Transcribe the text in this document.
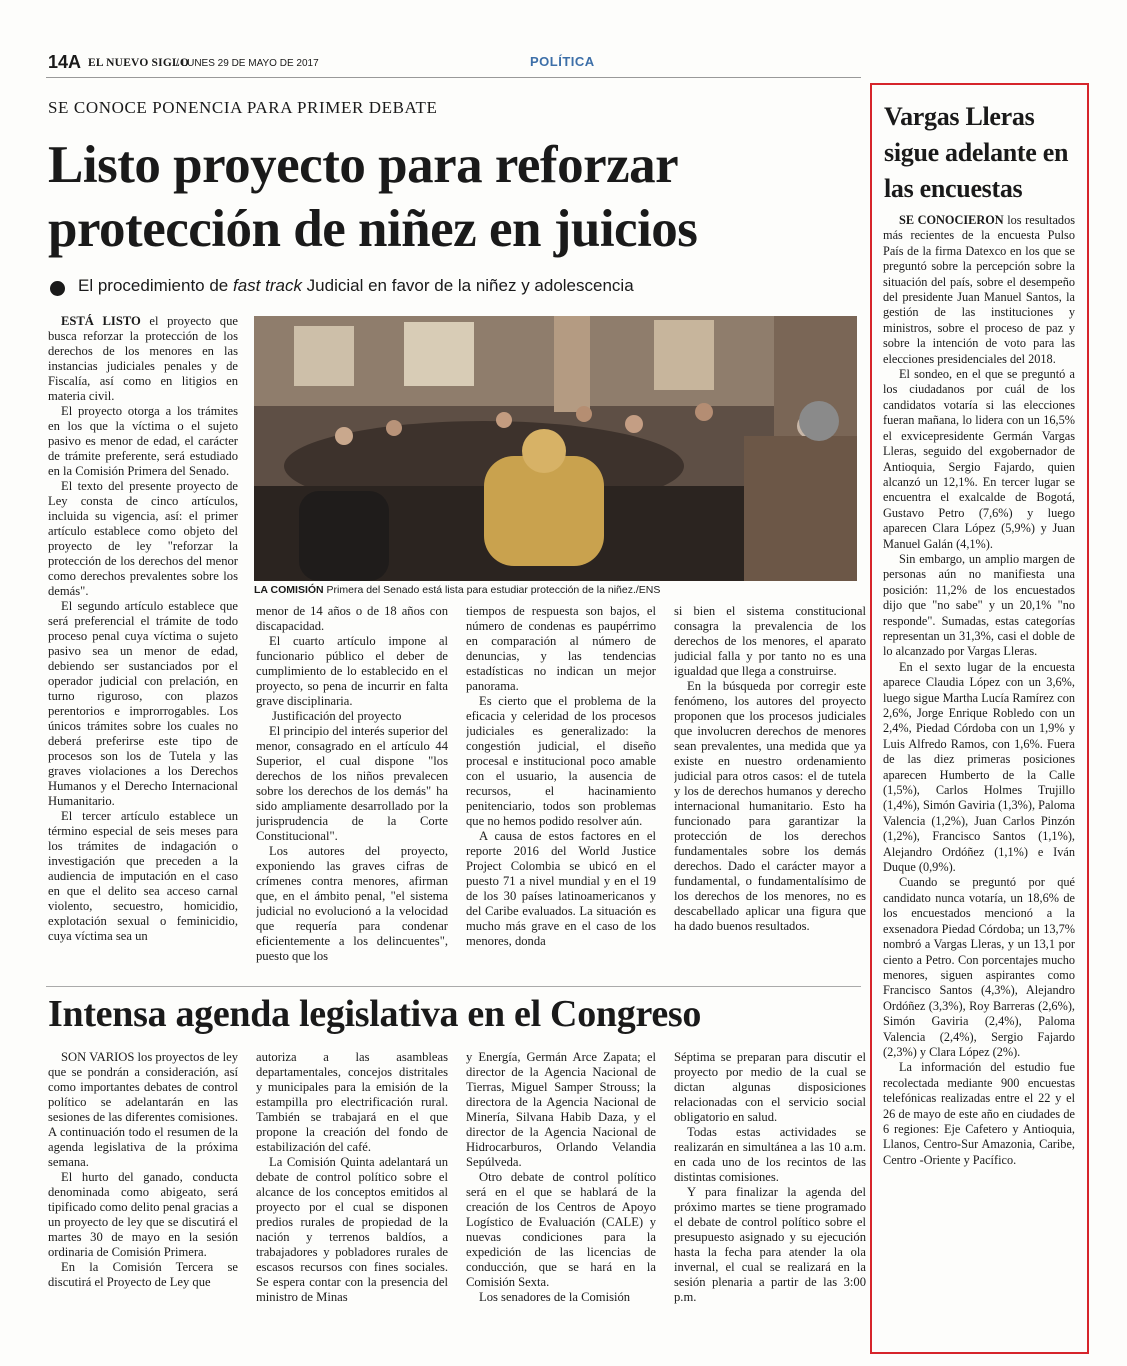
14A EL NUEVO SIGLO
/ LUNES 29 DE MAYO DE 2017	POLÍTICA
SE CONOCE PONENCIA PARA PRIMER DEBATE
Listo proyecto para reforzar
protección de niñez en juicios
El procedimiento de fast track Judicial en favor de la niñez y adolescencia

ESTÁ LISTO el proyecto que busca reforzar la protección de los derechos de los menores en las instancias judiciales penales y de Fiscalía, así como en litigios en materia civil.

El proyecto otorga a los trámites en los que la víctima o el sujeto pasivo es menor de edad, el carácter de trámite preferente, será estudiado en la Comisión Primera del Senado.

El texto del presente proyecto de Ley consta de cinco artículos, incluida su vigencia, así: el primer artículo establece como objeto del proyecto de ley "reforzar la protección de los derechos del menor como derechos prevalentes sobre los demás".

El segundo artículo establece que será preferencial el trámite de todo proceso penal cuya víctima o sujeto pasivo sea un menor de edad, debiendo ser sustanciados por el operador judicial con prelación, en turno riguroso, con plazos perentorios e improrrogables. Los únicos trámites sobre los cuales no deberá preferirse este tipo de procesos son los de Tutela y las graves violaciones a los Derechos Humanos y el Derecho Internacional Humanitario.

El tercer artículo establece un término especial de seis meses para los trámites de indagación o investigación que preceden a la audiencia de imputación en el caso en que el delito sea acceso carnal violento, secuestro, homicidio, explotación sexual o feminicidio, cuya víctima sea un

LA COMISIÓN Primera del Senado está lista para estudiar protección de la niñez./ENS

menor de 14 años o de 18 años con discapacidad.

El cuarto artículo impone al funcionario público el deber de cumplimiento de lo establecido en el proyecto, so pena de incurrir en falta grave disciplinaria.

Justificación del proyecto

El principio del interés superior del menor, consagrado en el artículo 44 Superior, el cual dispone "los derechos de los niños prevalecen sobre los derechos de los demás" ha sido ampliamente desarrollado por la jurisprudencia de la Corte Constitucional".

Los autores del proyecto, exponiendo las graves cifras de crímenes contra menores, afirman que, en el ámbito penal, "el sistema judicial no evolucionó a la velocidad que requería para condenar eficientemente a los delincuentes", puesto que los

tiempos de respuesta son bajos, el número de condenas es paupérrimo en comparación al número de denuncias, y las tendencias estadísticas no indican un mejor panorama.

Es cierto que el problema de la eficacia y celeridad de los procesos judiciales es generalizado: la congestión judicial, el diseño procesal e institucional poco amable con el usuario, la ausencia de recursos, el hacinamiento penitenciario, todos son problemas que no hemos podido resolver aún.

A causa de estos factores en el reporte 2016 del World Justice Project Colombia se ubicó en el puesto 71 a nivel mundial y en el 19 de los 30 países latinoamericanos y del Caribe evaluados. La situación es mucho más grave en el caso de los menores, donda

si bien el sistema constitucional consagra la prevalencia de los derechos de los menores, el aparato judicial falla y por tanto no es una igualdad que llega a construirse.

En la búsqueda por corregir este fenómeno, los autores del proyecto proponen que los procesos judiciales que involucren derechos de menores sean prevalentes, una medida que ya existe en nuestro ordenamiento judicial para otros casos: el de tutela y los de derechos humanos y derecho internacional humanitario. Esto ha funcionado para garantizar la protección de los derechos fundamentales sobre los demás derechos. Dado el carácter mayor a fundamental, o fundamentalísimo de los derechos de los menores, no es descabellado aplicar una figura que ha dado buenos resultados.

Intensa agenda legislativa en el Congreso

SON VARIOS los proyectos de ley que se pondrán a consideración, así como importantes debates de control político se adelantarán en las sesiones de las diferentes comisiones. A continuación todo el resumen de la agenda legislativa de la próxima semana.

El hurto del ganado, conducta denominada como abigeato, será tipificado como delito penal gracias a un proyecto de ley que se discutirá el martes 30 de mayo en la sesión ordinaria de Comisión Primera.

En la Comisión Tercera se discutirá el Proyecto de Ley que

autoriza a las asambleas departamentales, concejos distritales y municipales para la emisión de la estampilla pro electrificación rural. También se trabajará en el que propone la creación del fondo de estabilización del café.

La Comisión Quinta adelantará un debate de control político sobre el alcance de los conceptos emitidos al proyecto por el cual se disponen predios rurales de propiedad de la nación y terrenos baldíos, a trabajadores y pobladores rurales de escasos recursos con fines sociales. Se espera contar con la presencia del ministro de Minas

y Energía, Germán Arce Zapata; el director de la Agencia Nacional de Tierras, Miguel Samper Strouss; la directora de la Agencia Nacional de Minería, Silvana Habib Daza, y el director de la Agencia Nacional de Hidrocarburos, Orlando Velandia Sepúlveda.

Otro debate de control político será en el que se hablará de la creación de los Centros de Apoyo Logístico de Evaluación (CALE) y nuevas condiciones para la expedición de las licencias de conducción, que se hará en la Comisión Sexta.

Los senadores de la Comisión

Séptima se preparan para discutir el proyecto por medio de la cual se dictan algunas disposiciones relacionadas con el servicio social obligatorio en salud.

Todas estas actividades se realizarán en simultánea a las 10 a.m. en cada uno de los recintos de las distintas comisiones.

Y para finalizar la agenda del próximo martes se tiene programado el debate de control político sobre el presupuesto asignado y su ejecución hasta la fecha para atender la ola invernal, el cual se realizará en la sesión plenaria a partir de las 3:00 p.m.

Vargas Lleras sigue adelante en las encuestas

SE CONOCIERON los resultados más recientes de la encuesta Pulso País de la firma Datexco en los que se preguntó sobre la percepción sobre la situación del país, sobre el desempeño del presidente Juan Manuel Santos, la gestión de las instituciones y ministros, sobre el proceso de paz y sobre la intención de voto para las elecciones presidenciales del 2018.

El sondeo, en el que se preguntó a los ciudadanos por cuál de los candidatos votaría si las elecciones fueran mañana, lo lidera con un 16,5% el exvicepresidente Germán Vargas Lleras, seguido del exgobernador de Antioquia, Sergio Fajardo, quien alcanzó un 12,1%. En tercer lugar se encuentra el exalcalde de Bogotá, Gustavo Petro (7,6%) y luego aparecen Clara López (5,9%) y Juan Manuel Galán (4,1%).

Sin embargo, un amplio margen de personas aún no manifiesta una posición: 11,2% de los encuestados dijo que "no sabe" y un 20,1% "no responde". Sumadas, estas categorías representan un 31,3%, casi el doble de lo alcanzado por Vargas Lleras.

En el sexto lugar de la encuesta aparece Claudia López con un 3,6%, luego sigue Martha Lucía Ramírez con 2,6%, Jorge Enrique Robledo con un 2,4%, Piedad Córdoba con un 1,9% y Luis Alfredo Ramos, con 1,6%. Fuera de las diez primeras posiciones aparecen Humberto de la Calle (1,5%), Carlos Holmes Trujillo (1,4%), Simón Gaviria (1,3%), Paloma Valencia (1,2%), Juan Carlos Pinzón (1,2%), Francisco Santos (1,1%), Alejandro Ordóñez (1,1%) e Iván Duque (0,9%).

Cuando se preguntó por qué candidato nunca votaría, un 18,6% de los encuestados mencionó a la exsenadora Piedad Córdoba; un 13,7% nombró a Vargas Lleras, y un 13,1 por ciento a Petro. Con porcentajes mucho menores, siguen aspirantes como Francisco Santos (4,3%), Alejandro Ordóñez (3,3%), Roy Barreras (2,6%), Simón Gaviria (2,4%), Paloma Valencia (2,4%), Sergio Fajardo (2,3%) y Clara López (2%).

La información del estudio fue recolectada mediante 900 encuestas telefónicas realizadas entre el 22 y el 26 de mayo de este año en ciudades de 6 regiones: Eje Cafetero y Antioquia, Llanos, Centro-Sur Amazonia, Caribe, Centro -Oriente y Pacífico.
